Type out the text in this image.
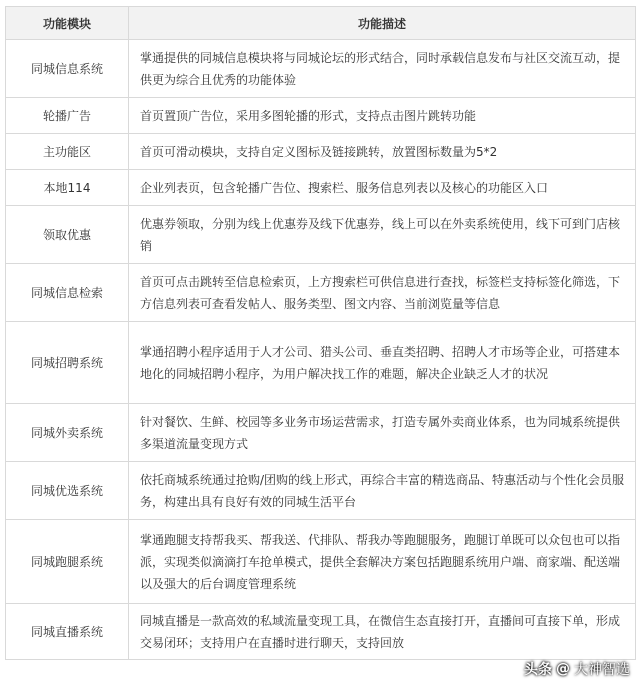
功能模块	功能描述
同城信息系统	掌通提供的同城信息模块将与同城论坛的形式结合，同时承载信息发布与社区交流互动，提供更为综合且优秀的功能体验
轮播广告	首页置顶广告位，采用多图轮播的形式，支持点击图片跳转功能
主功能区	首页可滑动模块，支持自定义图标及链接跳转，放置图标数量为5*2
本地114	企业列表页，包含轮播广告位、搜索栏、服务信息列表以及核心的功能区入口
领取优惠	优惠券领取，分别为线上优惠券及线下优惠券，线上可以在外卖系统使用，线下可到门店核销
同城信息检索	首页可点击跳转至信息检索页，上方搜索栏可供信息进行查找，标签栏支持标签化筛选，下方信息列表可查看发帖人、服务类型、图文内容、当前浏览量等信息
同城招聘系统	掌通招聘小程序适用于人才公司、猎头公司、垂直类招聘、招聘人才市场等企业，可搭建本地化的同城招聘小程序，为用户解决找工作的难题，解决企业缺乏人才的状况
同城外卖系统	针对餐饮、生鲜、校园等多业务市场运营需求，打造专属外卖商业体系，也为同城系统提供多渠道流量变现方式
同城优选系统	依托商城系统通过抢购/团购的线上形式，再综合丰富的精选商品、特惠活动与个性化会员服务，构建出具有良好有效的同城生活平台
同城跑腿系统	掌通跑腿支持帮我买、帮我送、代排队、帮我办等跑腿服务，跑腿订单既可以众包也可以指派，实现类似滴滴打车抢单模式，提供全套解决方案包括跑腿系统用户端、商家端、配送端以及强大的后台调度管理系统
同城直播系统	同城直播是一款高效的私域流量变现工具，在微信生态直接打开，直播间可直接下单，形成交易闭环；支持用户在直播时进行聊天，支持回放
头条 @ 大神智选
